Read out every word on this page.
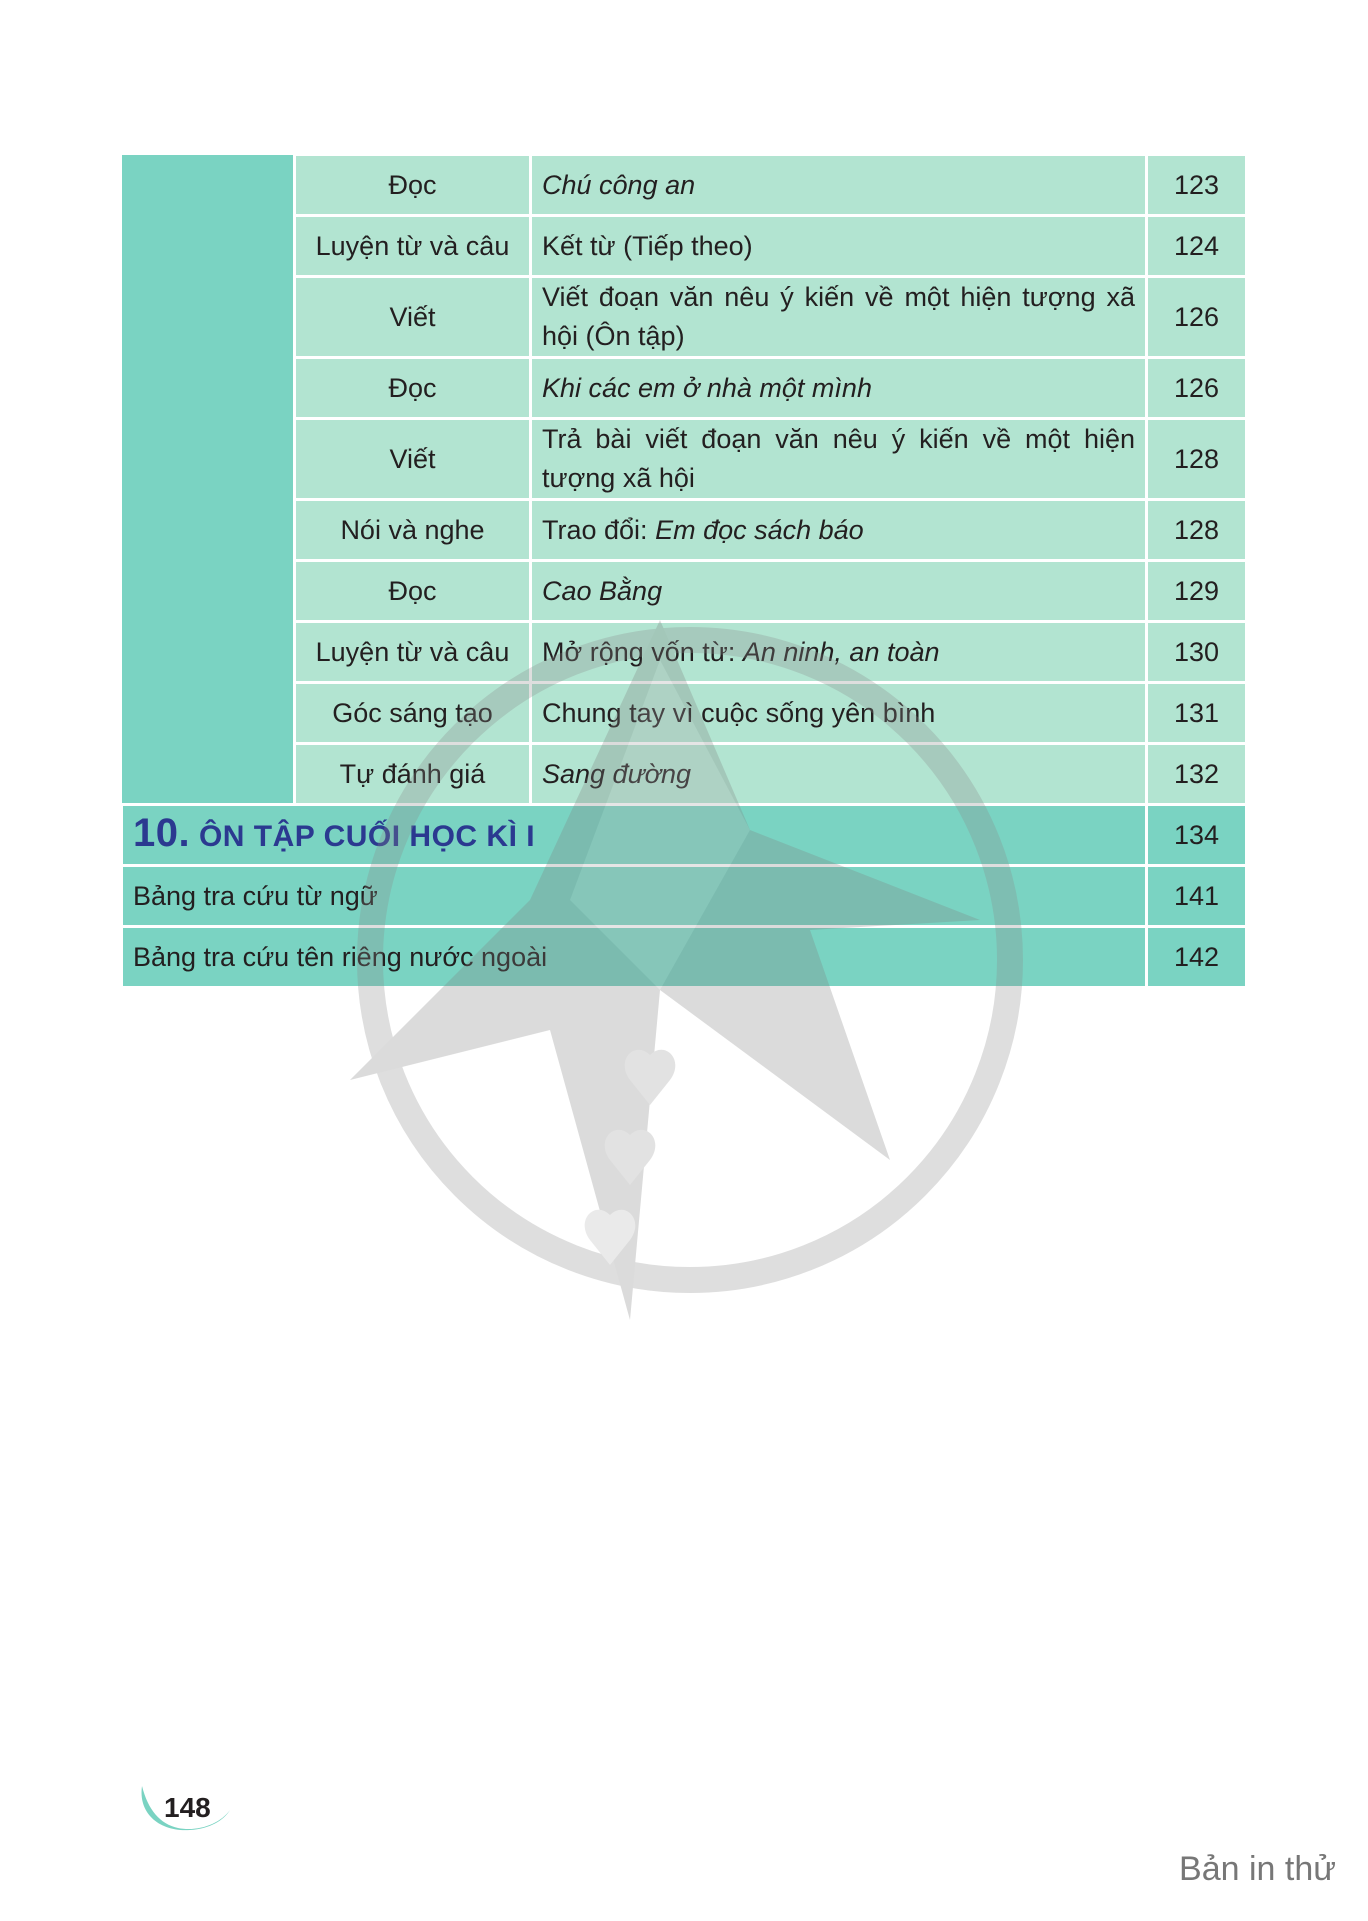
	Đọc	Chú công an	123
	Luyện từ và câu	Kết từ (Tiếp theo)	124
	Viết	Viết đoạn văn nêu ý kiến về một hiện tượng xã hội (Ôn tập)	126
	Đọc	Khi các em ở nhà một mình	126
	Viết	Trả bài viết đoạn văn nêu ý kiến về một hiện tượng xã hội	128
	Nói và nghe	Trao đổi: Em đọc sách báo	128
	Đọc	Cao Bằng	129
	Luyện từ và câu	Mở rộng vốn từ: An ninh, an toàn	130
	Góc sáng tạo	Chung tay vì cuộc sống yên bình	131
	Tự đánh giá	Sang đường	132
10. ÔN TẬP CUỐI HỌC KÌ I			134
Bảng tra cứu từ ngữ			141
Bảng tra cứu tên riêng nước ngoài			142
148
Bản in thử
